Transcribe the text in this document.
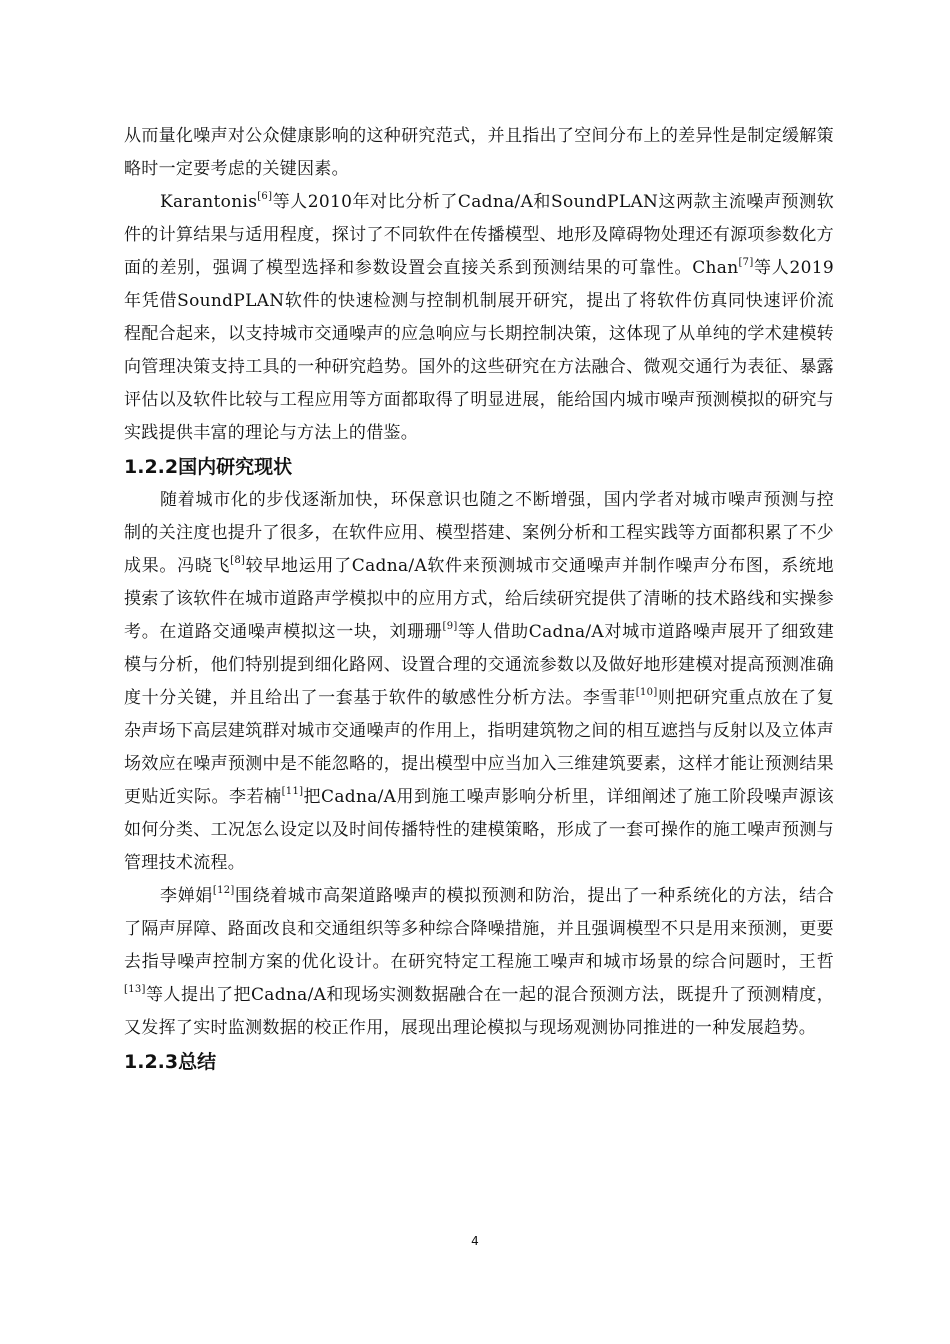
从而量化噪声对公众健康影响的这种研究范式，并且指出了空间分布上的差异性是制定缓解策略时一定要考虑的关键因素。

Karantonis[6]等人2010年对比分析了Cadna/A和SoundPLAN这两款主流噪声预测软件的计算结果与适用程度，探讨了不同软件在传播模型、地形及障碍物处理还有源项参数化方面的差别，强调了模型选择和参数设置会直接关系到预测结果的可靠性。Chan[7]等人2019年凭借SoundPLAN软件的快速检测与控制机制展开研究，提出了将软件仿真同快速评价流程配合起来，以支持城市交通噪声的应急响应与长期控制决策，这体现了从单纯的学术建模转向管理决策支持工具的一种研究趋势。国外的这些研究在方法融合、微观交通行为表征、暴露评估以及软件比较与工程应用等方面都取得了明显进展，能给国内城市噪声预测模拟的研究与实践提供丰富的理论与方法上的借鉴。

1.2.2国内研究现状

随着城市化的步伐逐渐加快，环保意识也随之不断增强，国内学者对城市噪声预测与控制的关注度也提升了很多，在软件应用、模型搭建、案例分析和工程实践等方面都积累了不少成果。冯晓飞[8]较早地运用了Cadna/A软件来预测城市交通噪声并制作噪声分布图，系统地摸索了该软件在城市道路声学模拟中的应用方式，给后续研究提供了清晰的技术路线和实操参考。在道路交通噪声模拟这一块，刘珊珊[9]等人借助Cadna/A对城市道路噪声展开了细致建模与分析，他们特别提到细化路网、设置合理的交通流参数以及做好地形建模对提高预测准确度十分关键，并且给出了一套基于软件的敏感性分析方法。李雪菲[10]则把研究重点放在了复杂声场下高层建筑群对城市交通噪声的作用上，指明建筑物之间的相互遮挡与反射以及立体声场效应在噪声预测中是不能忽略的，提出模型中应当加入三维建筑要素，这样才能让预测结果更贴近实际。李若楠[11]把Cadna/A用到施工噪声影响分析里，详细阐述了施工阶段噪声源该如何分类、工况怎么设定以及时间传播特性的建模策略，形成了一套可操作的施工噪声预测与管理技术流程。

李婵娟[12]围绕着城市高架道路噪声的模拟预测和防治，提出了一种系统化的方法，结合了隔声屏障、路面改良和交通组织等多种综合降噪措施，并且强调模型不只是用来预测，更要去指导噪声控制方案的优化设计。在研究特定工程施工噪声和城市场景的综合问题时，王哲[13]等人提出了把Cadna/A和现场实测数据融合在一起的混合预测方法，既提升了预测精度，又发挥了实时监测数据的校正作用，展现出理论模拟与现场观测协同推进的一种发展趋势。

1.2.3总结
4
